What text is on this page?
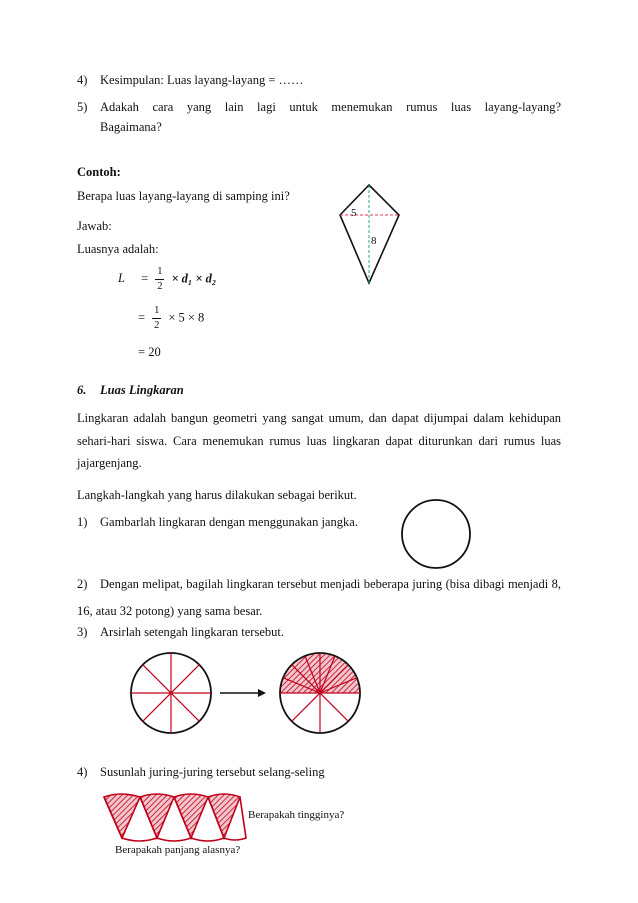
4) Kesimpulan: Luas layang-layang = ……
5) Adakah cara yang lain lagi untuk menemukan rumus luas layang-layang?
Bagaimana?
Contoh:
Berapa luas layang-layang di samping ini?
Jawab:
Luasnya adalah:
$L = \frac{1}{2} \times d_1 \times d_2$
= $\frac{1}{2} \times 5 \times 8$
= 20
5
8
6. Luas Lingkaran
Lingkaran adalah bangun geometri yang sangat umum, dan dapat dijumpai dalam kehidupan sehari-hari siswa. Cara menemukan rumus luas lingkaran dapat diturunkan dari rumus luas jajargenjang.
Langkah-langkah yang harus dilakukan sebagai berikut.
1) Gambarlah lingkaran dengan menggunakan jangka.
2) Dengan melipat, bagilah lingkaran tersebut menjadi beberapa juring (bisa dibagi menjadi 8, 16, atau 32 potong) yang sama besar.
3) Arsirlah setengah lingkaran tersebut.
4) Susunlah juring-juring tersebut selang-seling
Berapakah tingginya?
Berapakah panjang alasnya?
